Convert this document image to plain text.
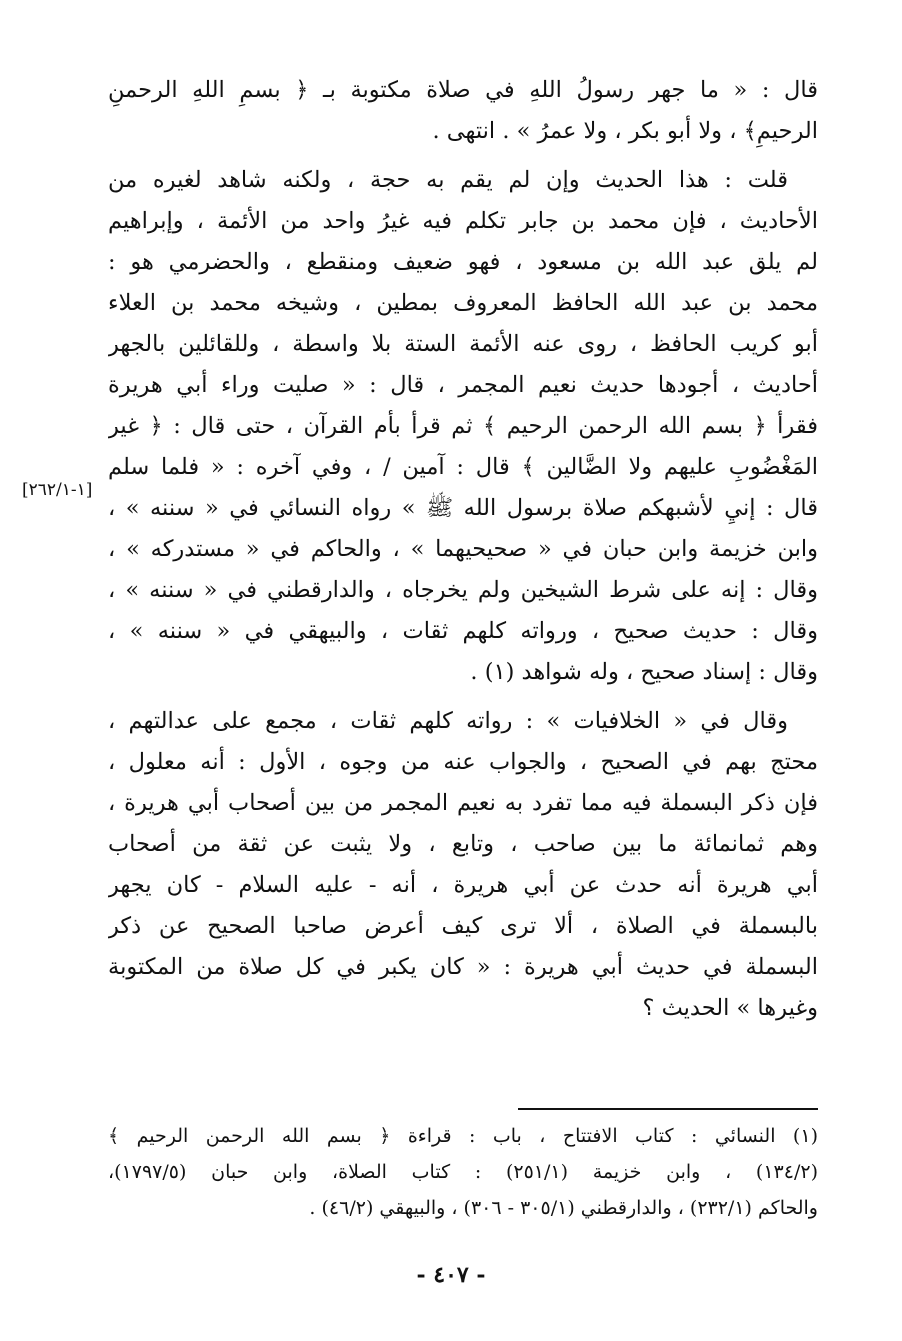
[١-٢٦٢/١]
قال : « ما جهر رسولُ اللهِ في صلاة مكتوبة بـ ﴿ بسمِ اللهِ الرحمنِ
الرحيمِ﴾ ، ولا أبو بكر ، ولا عمرُ » . انتهى .
قلت : هذا الحديث وإن لم يقم به حجة ، ولكنه شاهد لغيره من
الأحاديث ، فإن محمد بن جابر تكلم فيه غيرُ واحد من الأئمة ، وإبراهيم
لم يلق عبد الله بن مسعود ، فهو ضعيف ومنقطع ، والحضرمي هو :
محمد بن عبد الله الحافظ المعروف بمطين ، وشيخه محمد بن العلاء
أبو كريب الحافظ ، روى عنه الأئمة الستة بلا واسطة ، وللقائلين بالجهر
أحاديث ، أجودها حديث نعيم المجمر ، قال : « صليت وراء أبي هريرة
فقرأ ﴿ بسم الله الرحمن الرحيم ﴾ ثم قرأ بأم القرآن ، حتى قال : ﴿ غير
المَغْضُوبِ عليهم ولا الضَّالين ﴾ قال : آمين / ، وفي آخره : « فلما سلم
قال : إنيِ لأشبهكم صلاة برسول الله ﷺ » رواه النسائي في « سننه » ،
وابن خزيمة وابن حبان في « صحيحيهما » ، والحاكم في « مستدركه » ،
وقال : إنه على شرط الشيخين ولم يخرجاه ، والدارقطني في « سننه » ،
وقال : حديث صحيح ، ورواته كلهم ثقات ، والبيهقي في « سننه » ،
وقال : إسناد صحيح ، وله شواهد (١) .
وقال في « الخلافيات » : رواته كلهم ثقات ، مجمع على عدالتهم ،
محتج بهم في الصحيح ، والجواب عنه من وجوه ، الأول : أنه معلول ،
فإن ذكر البسملة فيه مما تفرد به نعيم المجمر من بين أصحاب أبي هريرة ،
وهم ثمانمائة ما بين صاحب ، وتابع ، ولا يثبت عن ثقة من أصحاب
أبي هريرة أنه حدث عن أبي هريرة ، أنه - عليه السلام - كان يجهر
بالبسملة في الصلاة ، ألا ترى كيف أعرض صاحبا الصحيح عن ذكر
البسملة في حديث أبي هريرة : « كان يكبر في كل صلاة من المكتوبة
وغيرها » الحديث ؟
(١) النسائي : كتاب الافتتاح ، باب : قراءة ﴿ بسم الله الرحمن الرحيم ﴾
(١٣٤/٢) ، وابن خزيمة (٢٥١/١) : كتاب الصلاة، وابن حبان (١٧٩٧/٥)،
والحاكم (٢٣٢/١) ، والدارقطني (٣٠٥/١ - ٣٠٦) ، والبيهقي (٤٦/٢) .
- ٤٠٧ -
